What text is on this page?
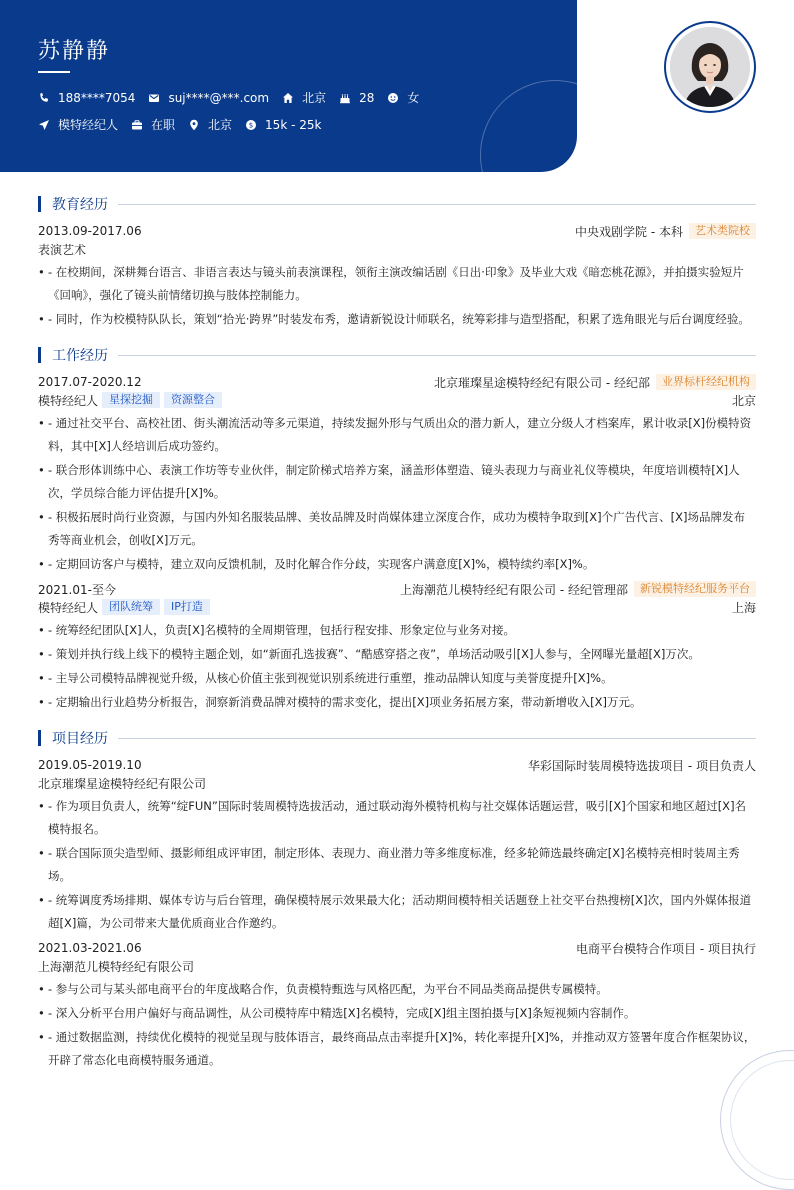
苏静静
188****7054	suj****@***.com	北京	28	女
模特经纪人	在职	北京 $ 15k - 25k
教育经历
2013.09-2017.06	中央戏剧学院 - 本科	艺术类院校
表演艺术
• - 在校期间，深耕舞台语言、非语言表达与镜头前表演课程，领衔主演改编话剧《日出·印象》及毕业大戏《暗恋桃花源》，并拍摄实验短片《回响》，强化了镜头前情绪切换与肢体控制能力。
• - 同时，作为校模特队队长，策划“拾光·跨界”时装发布秀，邀请新锐设计师联名，统筹彩排与造型搭配，积累了选角眼光与后台调度经验。
工作经历
2017.07-2020.12	北京璀璨星途模特经纪有限公司 - 经纪部	业界标杆经纪机构
模特经纪人	星探挖掘	资源整合	北京
• - 通过社交平台、高校社团、街头潮流活动等多元渠道，持续发掘外形与气质出众的潜力新人，建立分级人才档案库，累计收录[X]份模特资料，其中[X]人经培训后成功签约。
• - 联合形体训练中心、表演工作坊等专业伙伴，制定阶梯式培养方案，涵盖形体塑造、镜头表现力与商业礼仪等模块，年度培训模特[X]人次，学员综合能力评估提升[X]%。
• - 积极拓展时尚行业资源，与国内外知名服装品牌、美妆品牌及时尚媒体建立深度合作，成功为模特争取到[X]个广告代言、[X]场品牌发布秀等商业机会，创收[X]万元。
• - 定期回访客户与模特，建立双向反馈机制，及时化解合作分歧，实现客户满意度[X]%，模特续约率[X]%。
2021.01-至今	上海潮范儿模特经纪有限公司 - 经纪管理部	新锐模特经纪服务平台
模特经纪人	团队统筹	IP打造	上海
• - 统筹经纪团队[X]人，负责[X]名模特的全周期管理，包括行程安排、形象定位与业务对接。
• - 策划并执行线上线下的模特主题企划，如“新面孔选拔赛”、“酷感穿搭之夜”，单场活动吸引[X]人参与，全网曝光量超[X]万次。
• - 主导公司模特品牌视觉升级，从核心价值主张到视觉识别系统进行重塑，推动品牌认知度与美誉度提升[X]%。
• - 定期输出行业趋势分析报告，洞察新消费品牌对模特的需求变化，提出[X]项业务拓展方案，带动新增收入[X]万元。
项目经历
2019.05-2019.10	华彩国际时装周模特选拔项目 - 项目负责人
北京璀璨星途模特经纪有限公司
• - 作为项目负责人，统筹“绽FUN”国际时装周模特选拔活动，通过联动海外模特机构与社交媒体话题运营，吸引[X]个国家和地区超过[X]名模特报名。
• - 联合国际顶尖造型师、摄影师组成评审团，制定形体、表现力、商业潜力等多维度标准，经多轮筛选最终确定[X]名模特亮相时装周主秀场。
• - 统筹调度秀场排期、媒体专访与后台管理，确保模特展示效果最大化；活动期间模特相关话题登上社交平台热搜榜[X]次，国内外媒体报道超[X]篇，为公司带来大量优质商业合作邀约。
2021.03-2021.06	电商平台模特合作项目 - 项目执行
上海潮范儿模特经纪有限公司
• - 参与公司与某头部电商平台的年度战略合作，负责模特甄选与风格匹配，为平台不同品类商品提供专属模特。
• - 深入分析平台用户偏好与商品调性，从公司模特库中精选[X]名模特，完成[X]组主图拍摄与[X]条短视频内容制作。
• - 通过数据监测，持续优化模特的视觉呈现与肢体语言，最终商品点击率提升[X]%，转化率提升[X]%，并推动双方签署年度合作框架协议，开辟了常态化电商模特服务通道。
